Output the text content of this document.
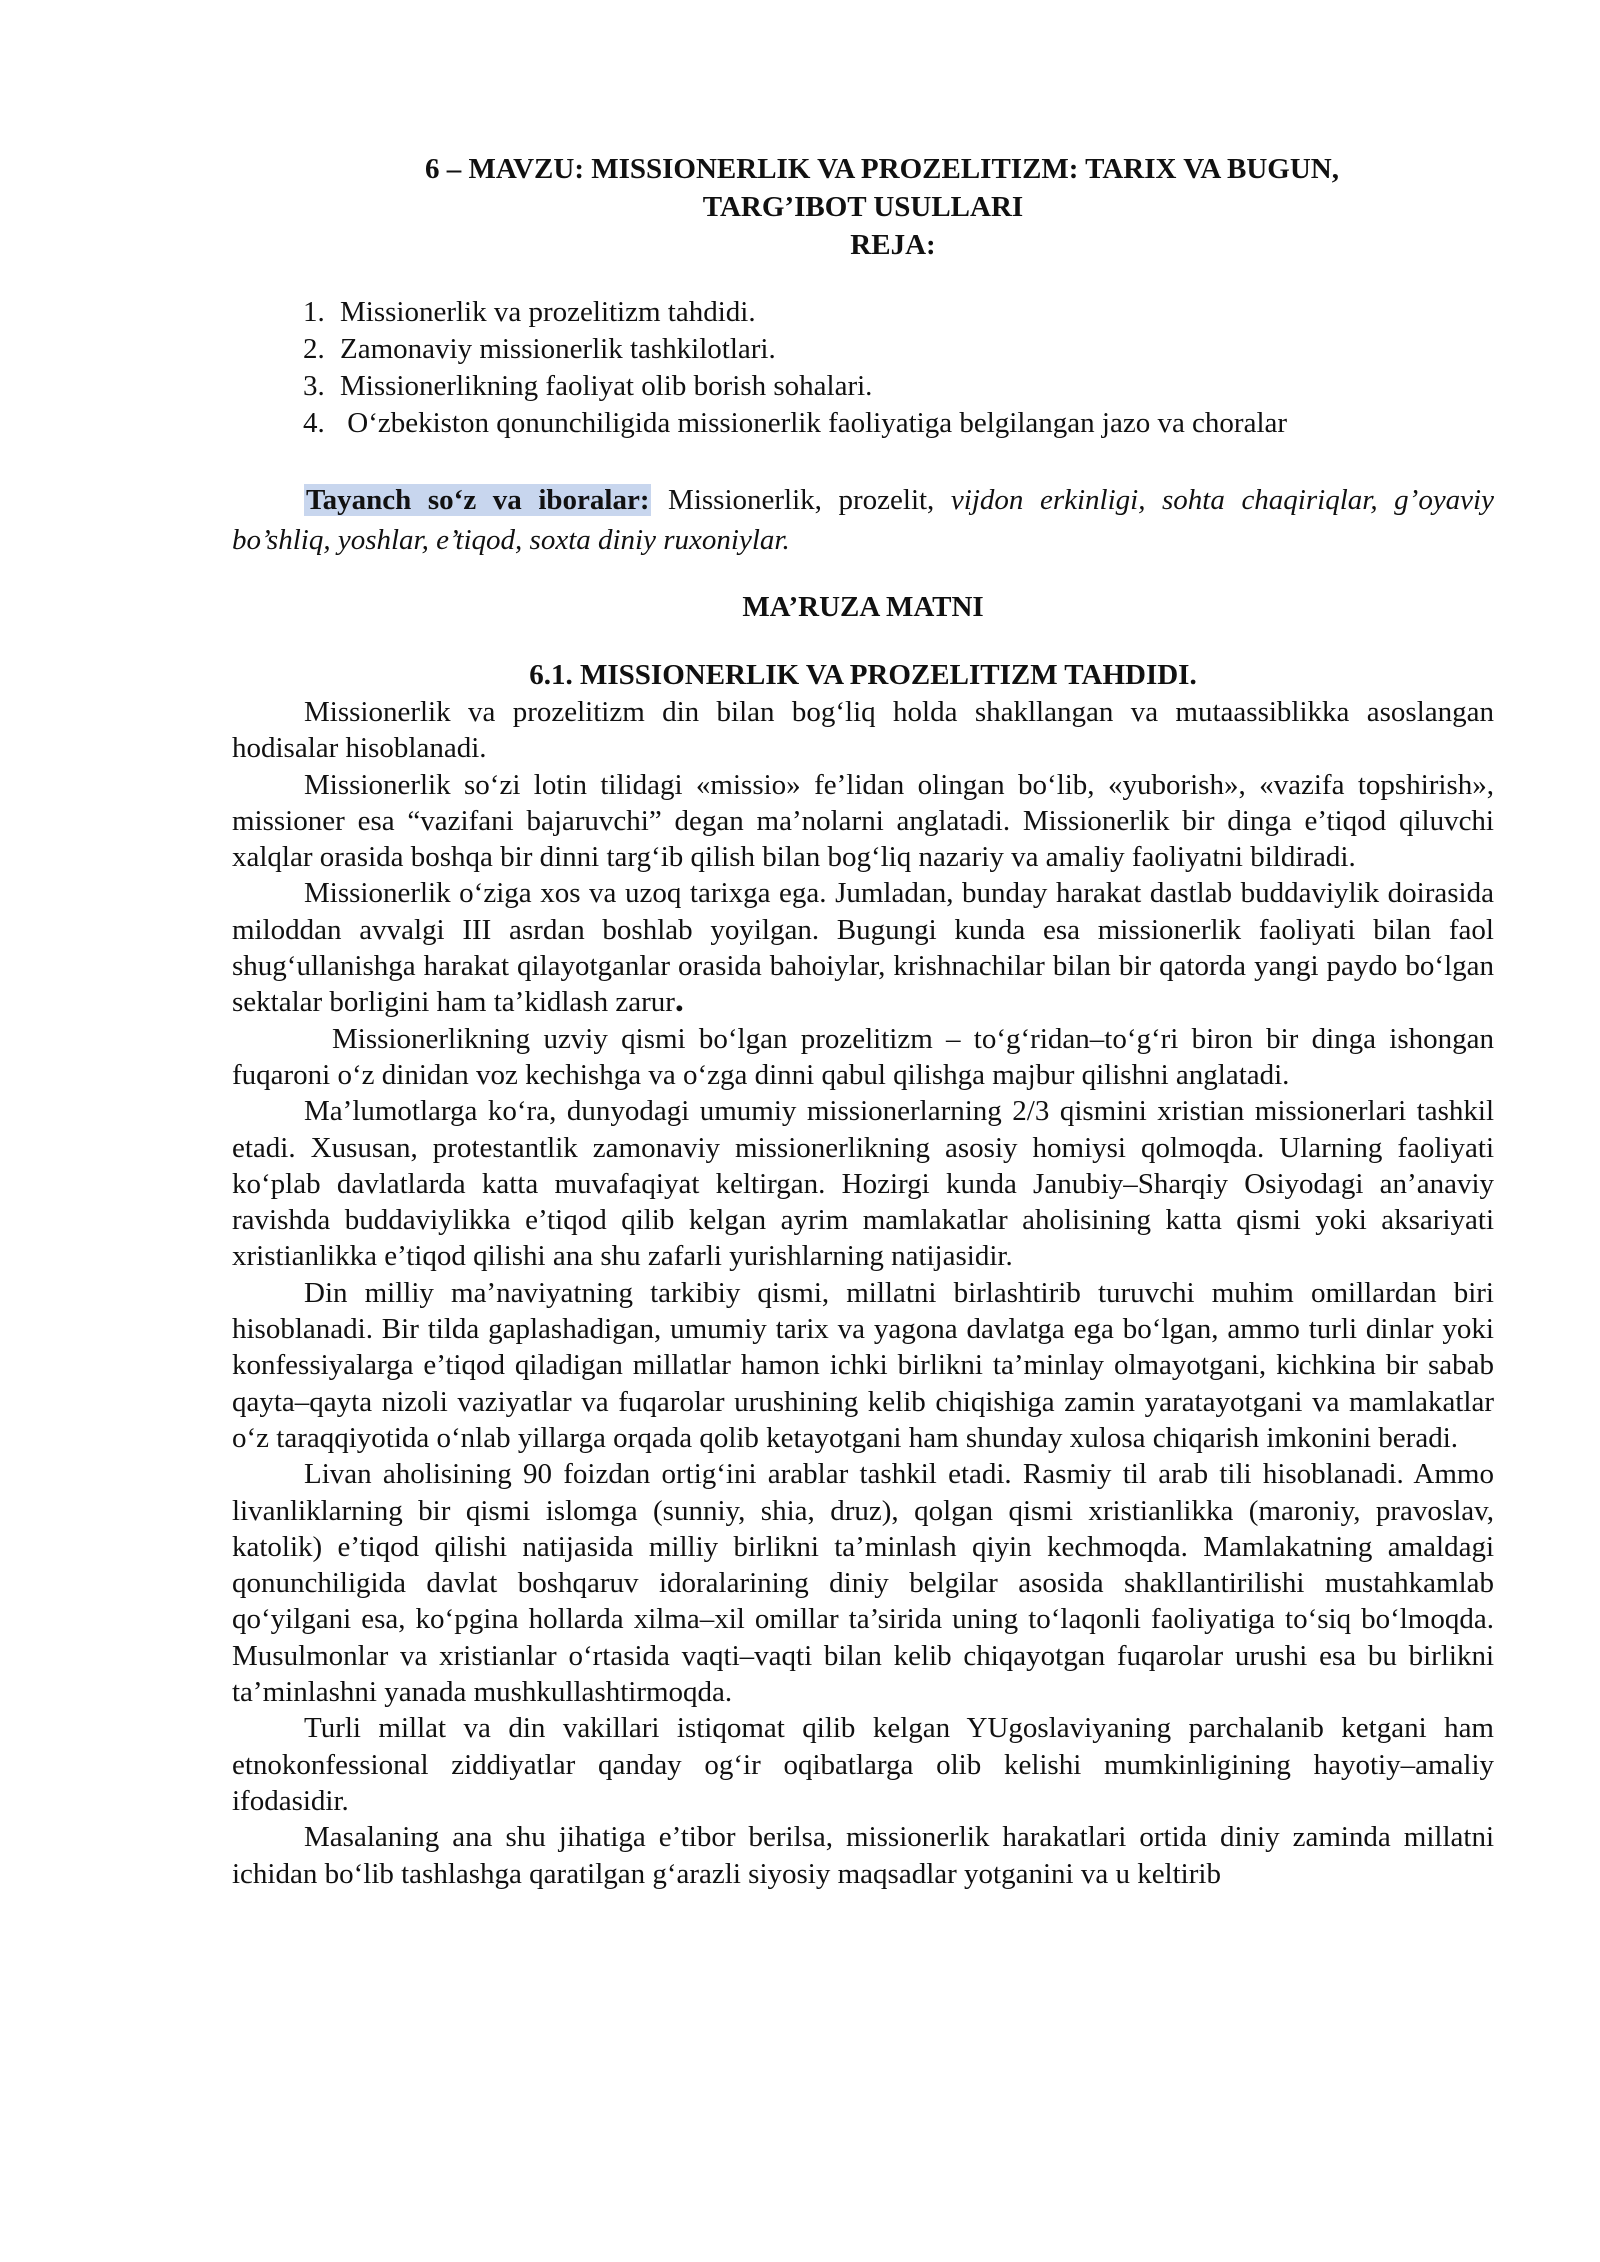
6 – MAVZU: MISSIONERLIK VA PROZELITIZM: TARIX VA BUGUN,
TARG’IBOT USULLARI

REJA:

1. Missionerlik va prozelitizm tahdidi.
2. Zamonaviy missionerlik tashkilotlari.
3. Missionerlikning faoliyat olib borish sohalari.
4.  O‘zbekiston qonunchiligida missionerlik faoliyatiga belgilangan jazo va choralar

Tayanch so‘z va iboralar: Missionerlik, prozelit, vijdon erkinligi, sohta chaqiriqlar, g’oyaviy bo’shliq, yoshlar, e’tiqod, soxta diniy ruxoniylar.

MA’RUZA MATNI

6.1. MISSIONERLIK VA PROZELITIZM TAHDIDI.

Missionerlik va prozelitizm din bilan bog‘liq holda shakllangan va mutaassiblikka asoslangan hodisalar hisoblanadi.

Missionerlik so‘zi lotin tilidagi «missio» fe’lidan olingan bo‘lib, «yuborish», «vazifa topshirish», missioner esa “vazifani bajaruvchi” degan ma’nolarni anglatadi. Missionerlik bir dinga e’tiqod qiluvchi xalqlar orasida boshqa bir dinni targ‘ib qilish bilan bog‘liq nazariy va amaliy faoliyatni bildiradi.

Missionerlik o‘ziga xos va uzoq tarixga ega. Jumladan, bunday harakat dastlab buddaviylik doirasida miloddan avvalgi III asrdan boshlab yoyilgan. Bugungi kunda esa missionerlik faoliyati bilan faol shug‘ullanishga harakat qilayotganlar orasida bahoiylar, krishnachilar bilan bir qatorda yangi paydo bo‘lgan sektalar borligini ham ta’kidlash zarur.

Missionerlikning uzviy qismi bo‘lgan prozelitizm – to‘g‘ridan–to‘g‘ri biron bir dinga ishongan fuqaroni o‘z dinidan voz kechishga va o‘zga dinni qabul qilishga majbur qilishni anglatadi.

Ma’lumotlarga ko‘ra, dunyodagi umumiy missionerlarning 2/3 qismini xristian missionerlari tashkil etadi. Xususan, protestantlik zamonaviy missionerlikning asosiy homiysi qolmoqda. Ularning faoliyati ko‘plab davlatlarda katta muvafaqiyat keltirgan. Hozirgi kunda Janubiy–Sharqiy Osiyodagi an’anaviy ravishda buddaviylikka e’tiqod qilib kelgan ayrim mamlakatlar aholisining katta qismi yoki aksariyati xristianlikka e’tiqod qilishi ana shu zafarli yurishlarning natijasidir.

Din milliy ma’naviyatning tarkibiy qismi, millatni birlashtirib turuvchi muhim omillardan biri hisoblanadi. Bir tilda gaplashadigan, umumiy tarix va yagona davlatga ega bo‘lgan, ammo turli dinlar yoki konfessiyalarga e’tiqod qiladigan millatlar hamon ichki birlikni ta’minlay olmayotgani, kichkina bir sabab qayta–qayta nizoli vaziyatlar va fuqarolar urushining kelib chiqishiga zamin yaratayotgani va mamlakatlar o‘z taraqqiyotida o‘nlab yillarga orqada qolib ketayotgani ham shunday xulosa chiqarish imkonini beradi.

Livan aholisining 90 foizdan ortig‘ini arablar tashkil etadi. Rasmiy til arab tili hisoblanadi. Ammo livanliklarning bir qismi islomga (sunniy, shia, druz), qolgan qismi xristianlikka (maroniy, pravoslav, katolik) e’tiqod qilishi natijasida milliy birlikni ta’minlash qiyin kechmoqda. Mamlakatning amaldagi qonunchiligida davlat boshqaruv idoralarining diniy belgilar asosida shakllantirilishi mustahkamlab qo‘yilgani esa, ko‘pgina hollarda xilma–xil omillar ta’sirida uning to‘laqonli faoliyatiga to‘siq bo‘lmoqda. Musulmonlar va xristianlar o‘rtasida vaqti–vaqti bilan kelib chiqayotgan fuqarolar urushi esa bu birlikni ta’minlashni yanada mushkullashtirmoqda.

Turli millat va din vakillari istiqomat qilib kelgan YUgoslaviyaning parchalanib ketgani ham etnokonfessional ziddiyatlar qanday og‘ir oqibatlarga olib kelishi mumkinligining hayotiy–amaliy ifodasidir.

Masalaning ana shu jihatiga e’tibor berilsa, missionerlik harakatlari ortida diniy zaminda millatni ichidan bo‘lib tashlashga qaratilgan g‘arazli siyosiy maqsadlar yotganini va u keltirib
